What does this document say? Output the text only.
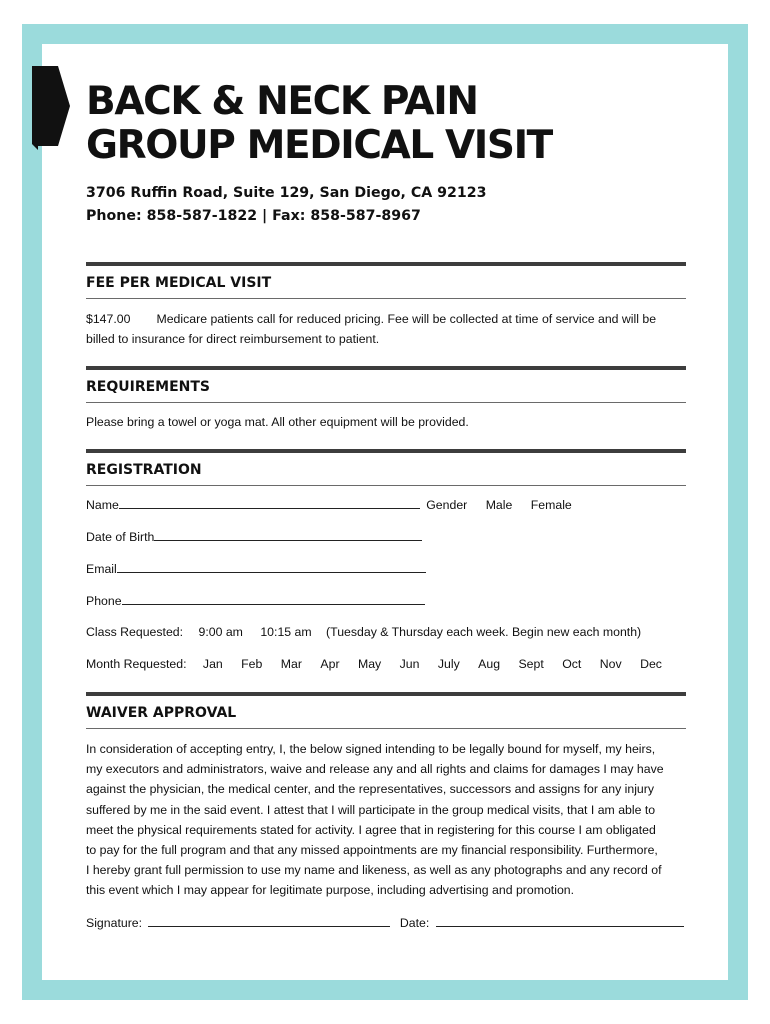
BACK & NECK PAIN
GROUP MEDICAL VISIT
3706 Ruffin Road, Suite 129, San Diego, CA 92123
Phone: 858-587-1822 | Fax: 858-587-8967
FEE PER MEDICAL VISIT
$147.00 Medicare patients call for reduced pricing. Fee will be collected at time of service and will be
billed to insurance for direct reimbursement to patient.
REQUIREMENTS
Please bring a towel or yoga mat. All other equipment will be provided.
REGISTRATION
Name	Gender Male Female
Date of Birth
Email
Phone
Class Requested: 9:00 am 10:15 am (Tuesday & Thursday each week. Begin new each month)
Month Requested: Jan Feb Mar Apr May Jun July Aug Sept Oct Nov Dec
WAIVER APPROVAL
In consideration of accepting entry, I, the below signed intending to be legally bound for myself, my heirs,
my executors and administrators, waive and release any and all rights and claims for damages I may have
against the physician, the medical center, and the representatives, successors and assigns for any injury
suffered by me in the said event. I attest that I will participate in the group medical visits, that I am able to
meet the physical requirements stated for activity. I agree that in registering for this course I am obligated
to pay for the full program and that any missed appointments are my financial responsibility. Furthermore,
I hereby grant full permission to use my name and likeness, as well as any photographs and any record of
this event which I may appear for legitimate purpose, including advertising and promotion.
Signature:	Date:
